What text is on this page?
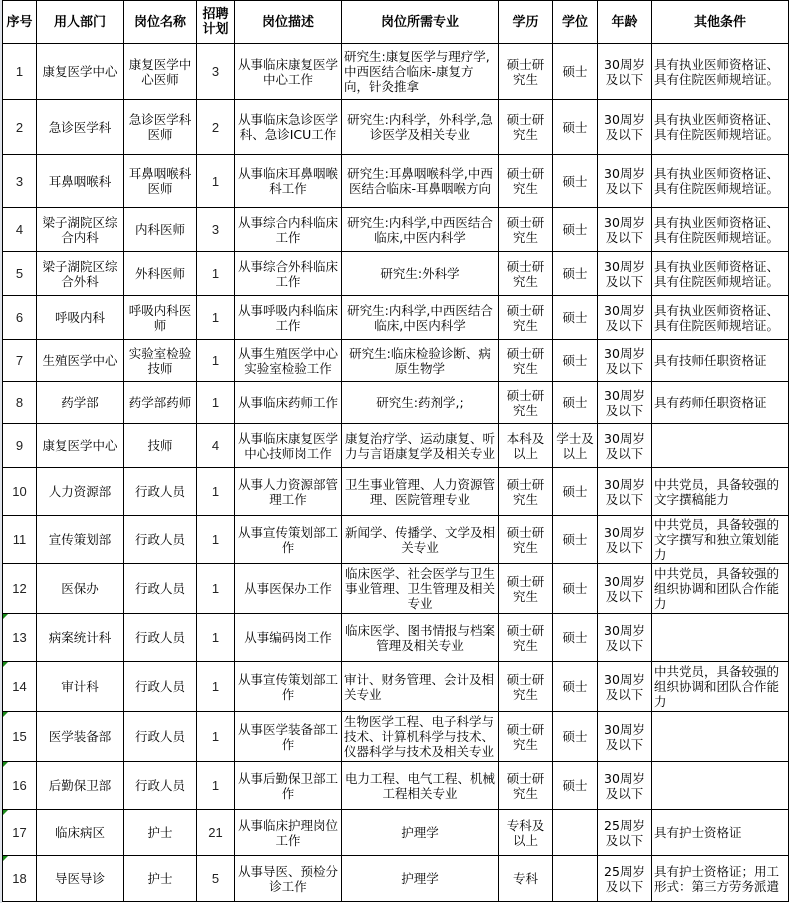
序号	用人部门	岗位名称	招聘计划	岗位描述	岗位所需专业	学历	学位	年龄	其他条件
1	康复医学中心	康复医学中心医师	3	从事临床康复医学中心工作	研究生:康复医学与理疗学,中西医结合临床-康复方向，针灸推拿	硕士研究生	硕士	30周岁及以下	具有执业医师资格证、具有住院医师规培证。
2	急诊医学科	急诊医学科医师	2	从事临床急诊医学科、急诊ICU工作	研究生:内科学，外科学,急诊医学及相关专业	硕士研究生	硕士	30周岁及以下	具有执业医师资格证、具有住院医师规培证。
3	耳鼻咽喉科	耳鼻咽喉科医师	1	从事临床耳鼻咽喉科工作	研究生:耳鼻咽喉科学,中西医结合临床-耳鼻咽喉方向	硕士研究生	硕士	30周岁及以下	具有执业医师资格证、具有住院医师规培证。
4	梁子湖院区综合内科	内科医师	3	从事综合内科临床工作	研究生:内科学,中西医结合临床,中医内科学	硕士研究生	硕士	30周岁及以下	具有执业医师资格证、具有住院医师规培证。
5	梁子湖院区综合外科	外科医师	1	从事综合外科临床工作	研究生:外科学	硕士研究生	硕士	30周岁及以下	具有执业医师资格证、具有住院医师规培证。
6	呼吸内科	呼吸内科医师	1	从事呼吸内科临床工作	研究生:内科学,中西医结合临床,中医内科学	硕士研究生	硕士	30周岁及以下	具有执业医师资格证、具有住院医师规培证。
7	生殖医学中心	实验室检验技师	1	从事生殖医学中心实验室检验工作	研究生:临床检验诊断、病原生物学	硕士研究生	硕士	30周岁及以下	具有技师任职资格证
8	药学部	药学部药师	1	从事临床药师工作	研究生:药剂学,;	硕士研究生	硕士	30周岁及以下	具有药师任职资格证
9	康复医学中心	技师	4	从事临床康复医学中心技师岗工作	康复治疗学、运动康复、听力与言语康复学及相关专业	本科及以上	学士及以上	30周岁及以下	
10	人力资源部	行政人员	1	从事人力资源部管理工作	卫生事业管理、人力资源管理、医院管理专业	硕士研究生	硕士	30周岁及以下	中共党员，具备较强的文字撰稿能力
11	宣传策划部	行政人员	1	从事宣传策划部工作	新闻学、传播学、文学及相关专业	硕士研究生	硕士	30周岁及以下	中共党员，具备较强的文字撰写和独立策划能力
12	医保办	行政人员	1	从事医保办工作	临床医学、社会医学与卫生事业管理、卫生管理及相关专业	硕士研究生	硕士	30周岁及以下	中共党员，具备较强的组织协调和团队合作能力

13	病案统计科	行政人员	1	从事编码岗工作	临床医学、图书情报与档案管理及相关专业	硕士研究生	硕士	30周岁及以下	

14	审计科	行政人员	1	从事宣传策划部工作	审计、财务管理、会计及相关专业	硕士研究生	硕士	30周岁及以下	中共党员，具备较强的组织协调和团队合作能力

15	医学装备部	行政人员	1	从事医学装备部工作	生物医学工程、电子科学与技术、计算机科学与技术、仪器科学与技术及相关专业	硕士研究生	硕士	30周岁及以下	

16	后勤保卫部	行政人员	1	从事后勤保卫部工作	电力工程、电气工程、机械工程相关专业	硕士研究生	硕士	30周岁及以下	

17	临床病区	护士	21	从事临床护理岗位工作	护理学	专科及以上		25周岁及以下	具有护士资格证

18	导医导诊	护士	5	从事导医、预检分诊工作	护理学	专科		25周岁及以下	具有护士资格证；用工形式：第三方劳务派遣
